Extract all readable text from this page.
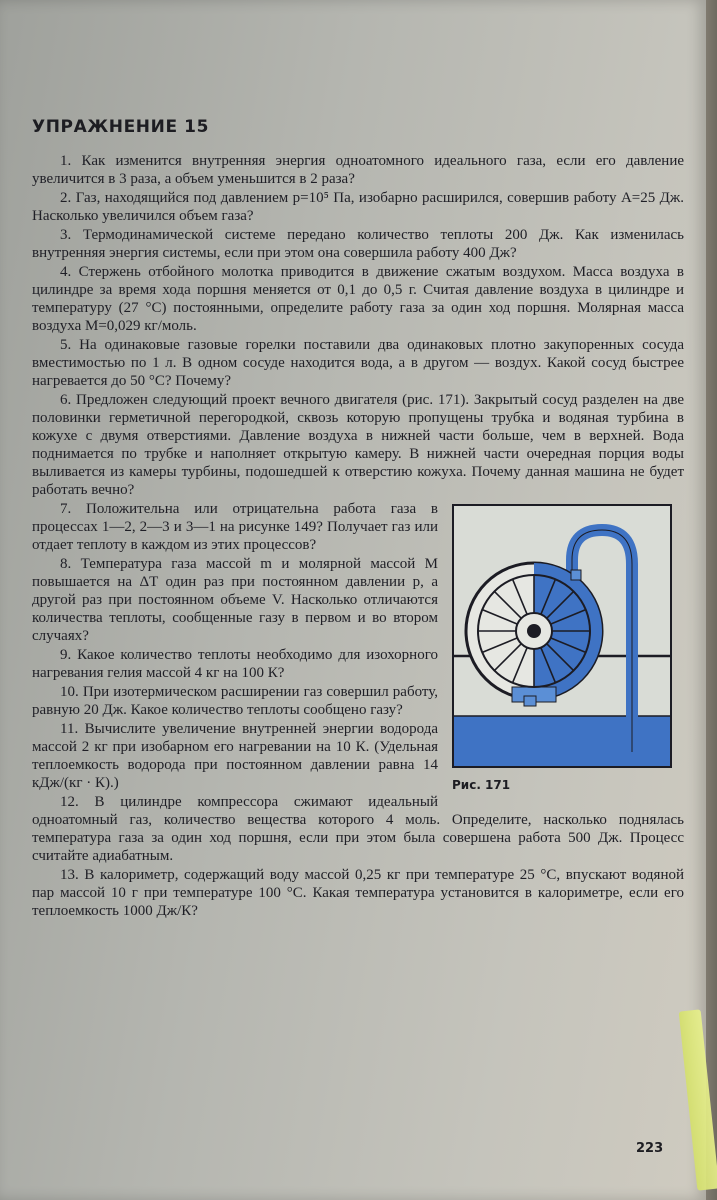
УПРАЖНЕНИЕ 15

1. Как изменится внутренняя энергия одноатомного идеального газа, если его давление увеличится в 3 раза, а объем уменьшится в 2 раза?

2. Газ, находящийся под давлением p=10⁵ Па, изобарно расширился, совершив работу A=25 Дж. Насколько увеличился объем газа?

3. Термодинамической системе передано количество теплоты 200 Дж. Как изменилась внутренняя энергия системы, если при этом она совершила работу 400 Дж?

4. Стержень отбойного молотка приводится в движение сжатым воздухом. Масса воздуха в цилиндре за время хода поршня меняется от 0,1 до 0,5 г. Считая давление воздуха в цилиндре и температуру (27 °С) постоянными, определите работу газа за один ход поршня. Молярная масса воздуха M=0,029 кг/моль.

5. На одинаковые газовые горелки поставили два одинаковых плотно закупоренных сосуда вместимостью по 1 л. В одном сосуде находится вода, а в другом — воздух. Какой сосуд быстрее нагревается до 50 °С? Почему?

6. Предложен следующий проект вечного двигателя (рис. 171). Закрытый сосуд разделен на две половинки герметичной перегородкой, сквозь которую пропущены трубка и водяная турбина в кожухе с двумя отверстиями. Давление воздуха в нижней части больше, чем в верхней. Вода поднимается по трубке и наполняет открытую камеру. В нижней части очередная порция воды выливается из камеры турбины, подошедшей к отверстию кожуха. Почему данная машина не будет работать вечно?

Рис. 171

7. Положительна или отрицательна работа газа в процессах 1—2, 2—3 и 3—1 на рисунке 149? Получает газ или отдает теплоту в каждом из этих процессов?

8. Температура газа массой m и молярной массой M повышается на ΔT один раз при постоянном давлении p, а другой раз при постоянном объеме V. Насколько отличаются количества теплоты, сообщенные газу в первом и во втором случаях?

9. Какое количество теплоты необходимо для изохорного нагревания гелия массой 4 кг на 100 К?

10. При изотермическом расширении газ совершил работу, равную 20 Дж. Какое количество теплоты сообщено газу?

11. Вычислите увеличение внутренней энергии водорода массой 2 кг при изобарном его нагревании на 10 К. (Удельная теплоемкость водорода при постоянном давлении равна 14 кДж/(кг · К).)

12. В цилиндре компрессора сжимают идеальный одноатомный газ, количество вещества которого 4 моль. Определите, насколько поднялась температура газа за один ход поршня, если при этом была совершена работа 500 Дж. Процесс считайте адиабатным.

13. В калориметр, содержащий воду массой 0,25 кг при температуре 25 °С, впускают водяной пар массой 10 г при температуре 100 °С. Какая температура установится в калориметре, если его теплоемкость 1000 Дж/К?

223
